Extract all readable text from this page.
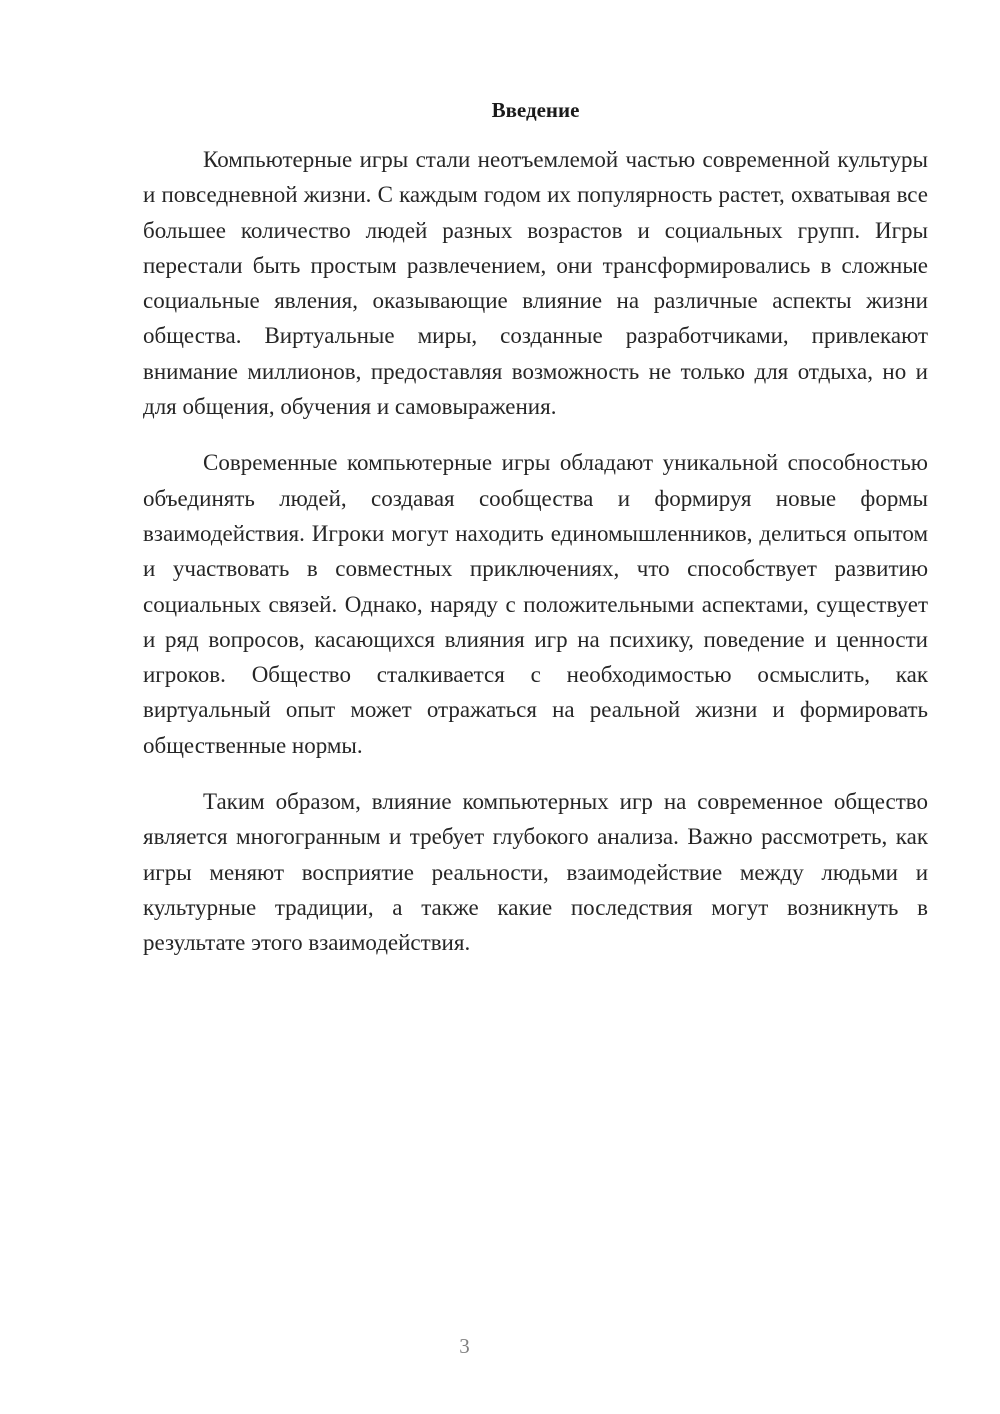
Введение

Компьютерные игры стали неотъемлемой частью современной культуры и повседневной жизни. С каждым годом их популярность растет, охватывая все большее количество людей разных возрастов и социальных групп. Игры перестали быть простым развлечением, они трансформировались в сложные социальные явления, оказывающие влияние на различные аспекты жизни общества. Виртуальные миры, созданные разработчиками, привлекают внимание миллионов, предоставляя возможность не только для отдыха, но и для общения, обучения и самовыражения.

Современные компьютерные игры обладают уникальной способностью объединять людей, создавая сообщества и формируя новые формы взаимодействия. Игроки могут находить единомышленников, делиться опытом и участвовать в совместных приключениях, что способствует развитию социальных связей. Однако, наряду с положительными аспектами, существует и ряд вопросов, касающихся влияния игр на психику, поведение и ценности игроков. Общество сталкивается с необходимостью осмыслить, как виртуальный опыт может отражаться на реальной жизни и формировать общественные нормы.

Таким образом, влияние компьютерных игр на современное общество является многогранным и требует глубокого анализа. Важно рассмотреть, как игры меняют восприятие реальности, взаимодействие между людьми и культурные традиции, а также какие последствия могут возникнуть в результате этого взаимодействия.

3
